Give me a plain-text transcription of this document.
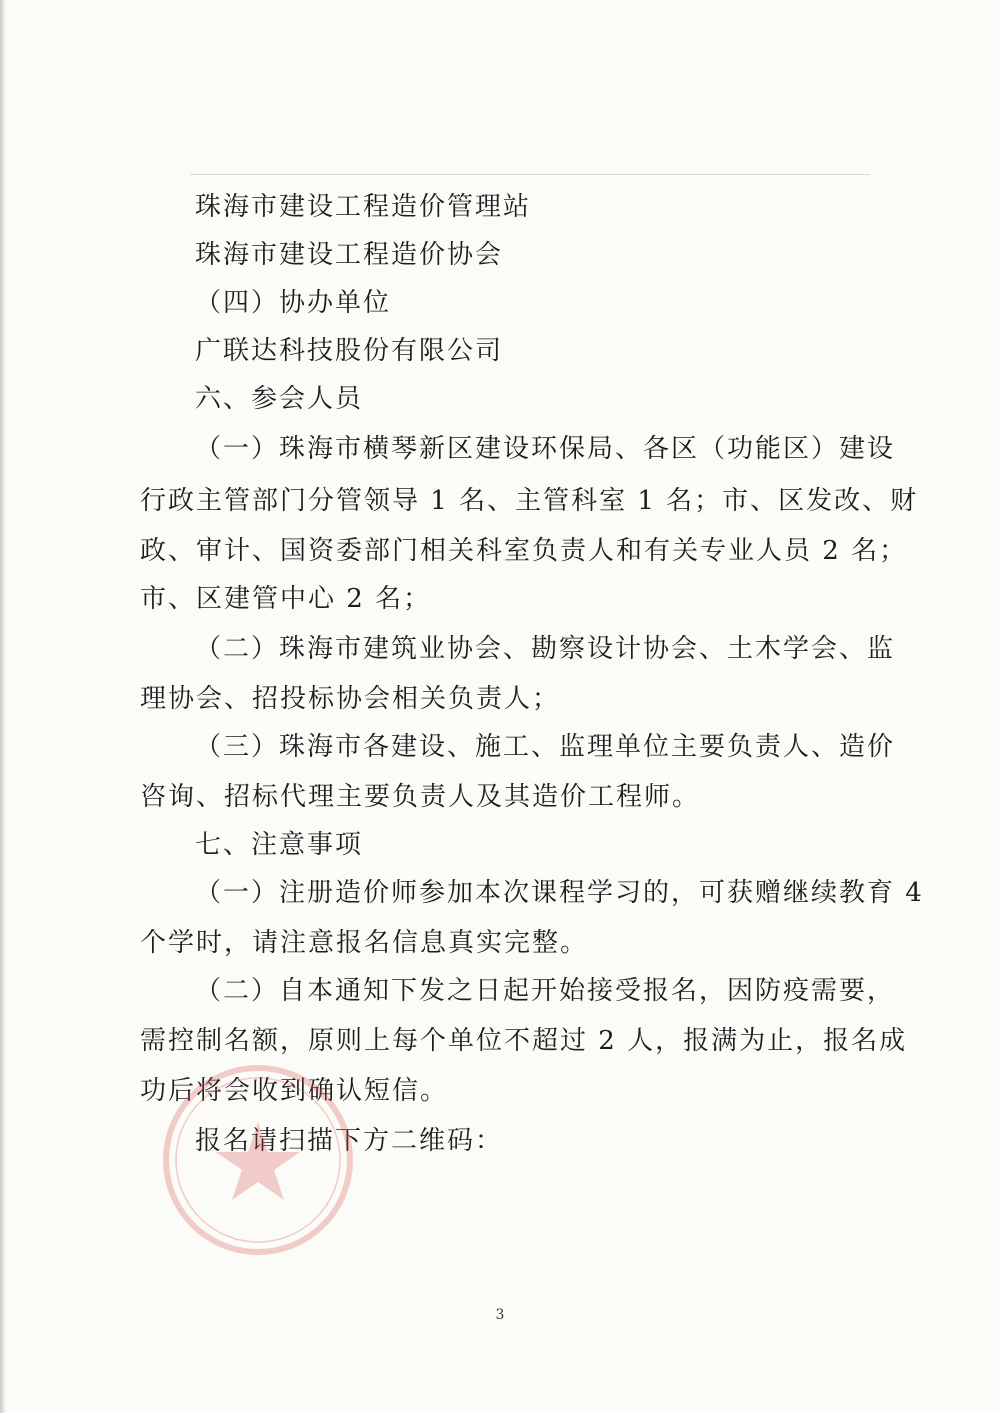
珠海市建设工程造价管理站
珠海市建设工程造价协会
（四）协办单位
广联达科技股份有限公司
六、参会人员
（一）珠海市横琴新区建设环保局、各区（功能区）建设
行政主管部门分管领导 1 名、主管科室 1 名；市、区发改、财
政、审计、国资委部门相关科室负责人和有关专业人员 2 名；
市、区建管中心 2 名；
（二）珠海市建筑业协会、勘察设计协会、土木学会、监
理协会、招投标协会相关负责人；
（三）珠海市各建设、施工、监理单位主要负责人、造价
咨询、招标代理主要负责人及其造价工程师。
七、注意事项
（一）注册造价师参加本次课程学习的，可获赠继续教育 4
个学时，请注意报名信息真实完整。
（二）自本通知下发之日起开始接受报名，因防疫需要，
需控制名额，原则上每个单位不超过 2 人，报满为止，报名成
功后将会收到确认短信。
报名请扫描下方二维码：
3
